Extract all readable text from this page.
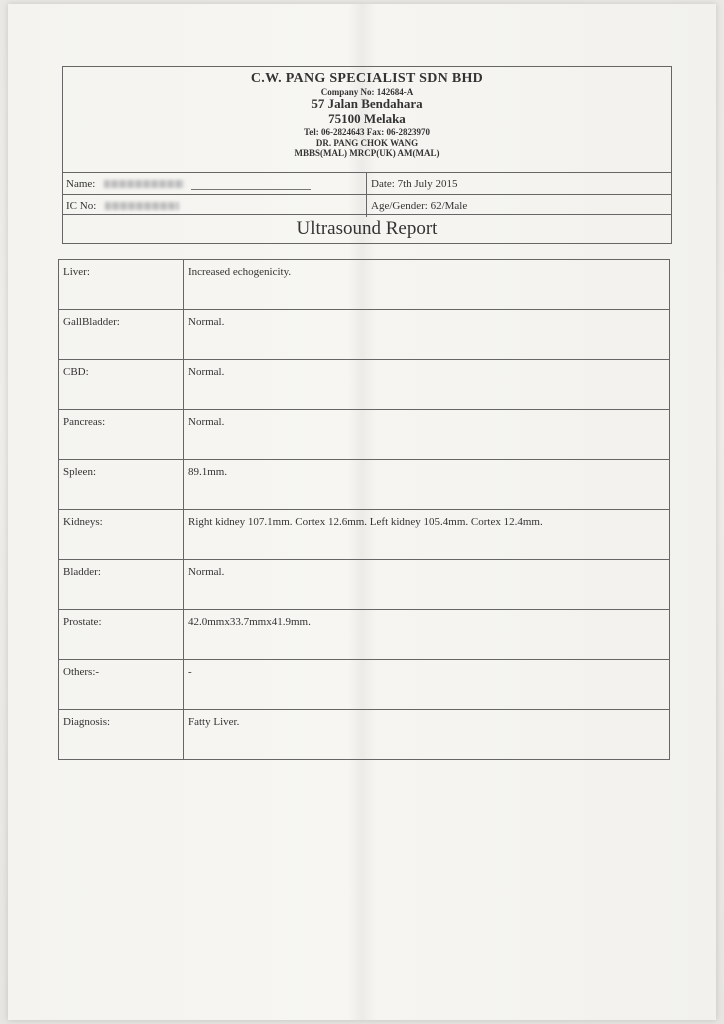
C.W. PANG SPECIALIST SDN BHD
Company No: 142684-A
57 Jalan Bendahara
75100 Melaka
Tel: 06-2824643 Fax: 06-2823970
DR. PANG CHOK WANG
MBBS(MAL) MRCP(UK) AM(MAL)
Name:	Date: 7th July 2015
IC No:	Age/Gender: 62/Male
Ultrasound Report
Liver:	Increased echogenicity.
GallBladder:	Normal.
CBD:	Normal.
Pancreas:	Normal.
Spleen:	89.1mm.
Kidneys:	Right kidney 107.1mm. Cortex 12.6mm. Left kidney 105.4mm. Cortex 12.4mm.
Bladder:	Normal.
Prostate:	42.0mmx33.7mmx41.9mm.
Others:-	-
Diagnosis:	Fatty Liver.
